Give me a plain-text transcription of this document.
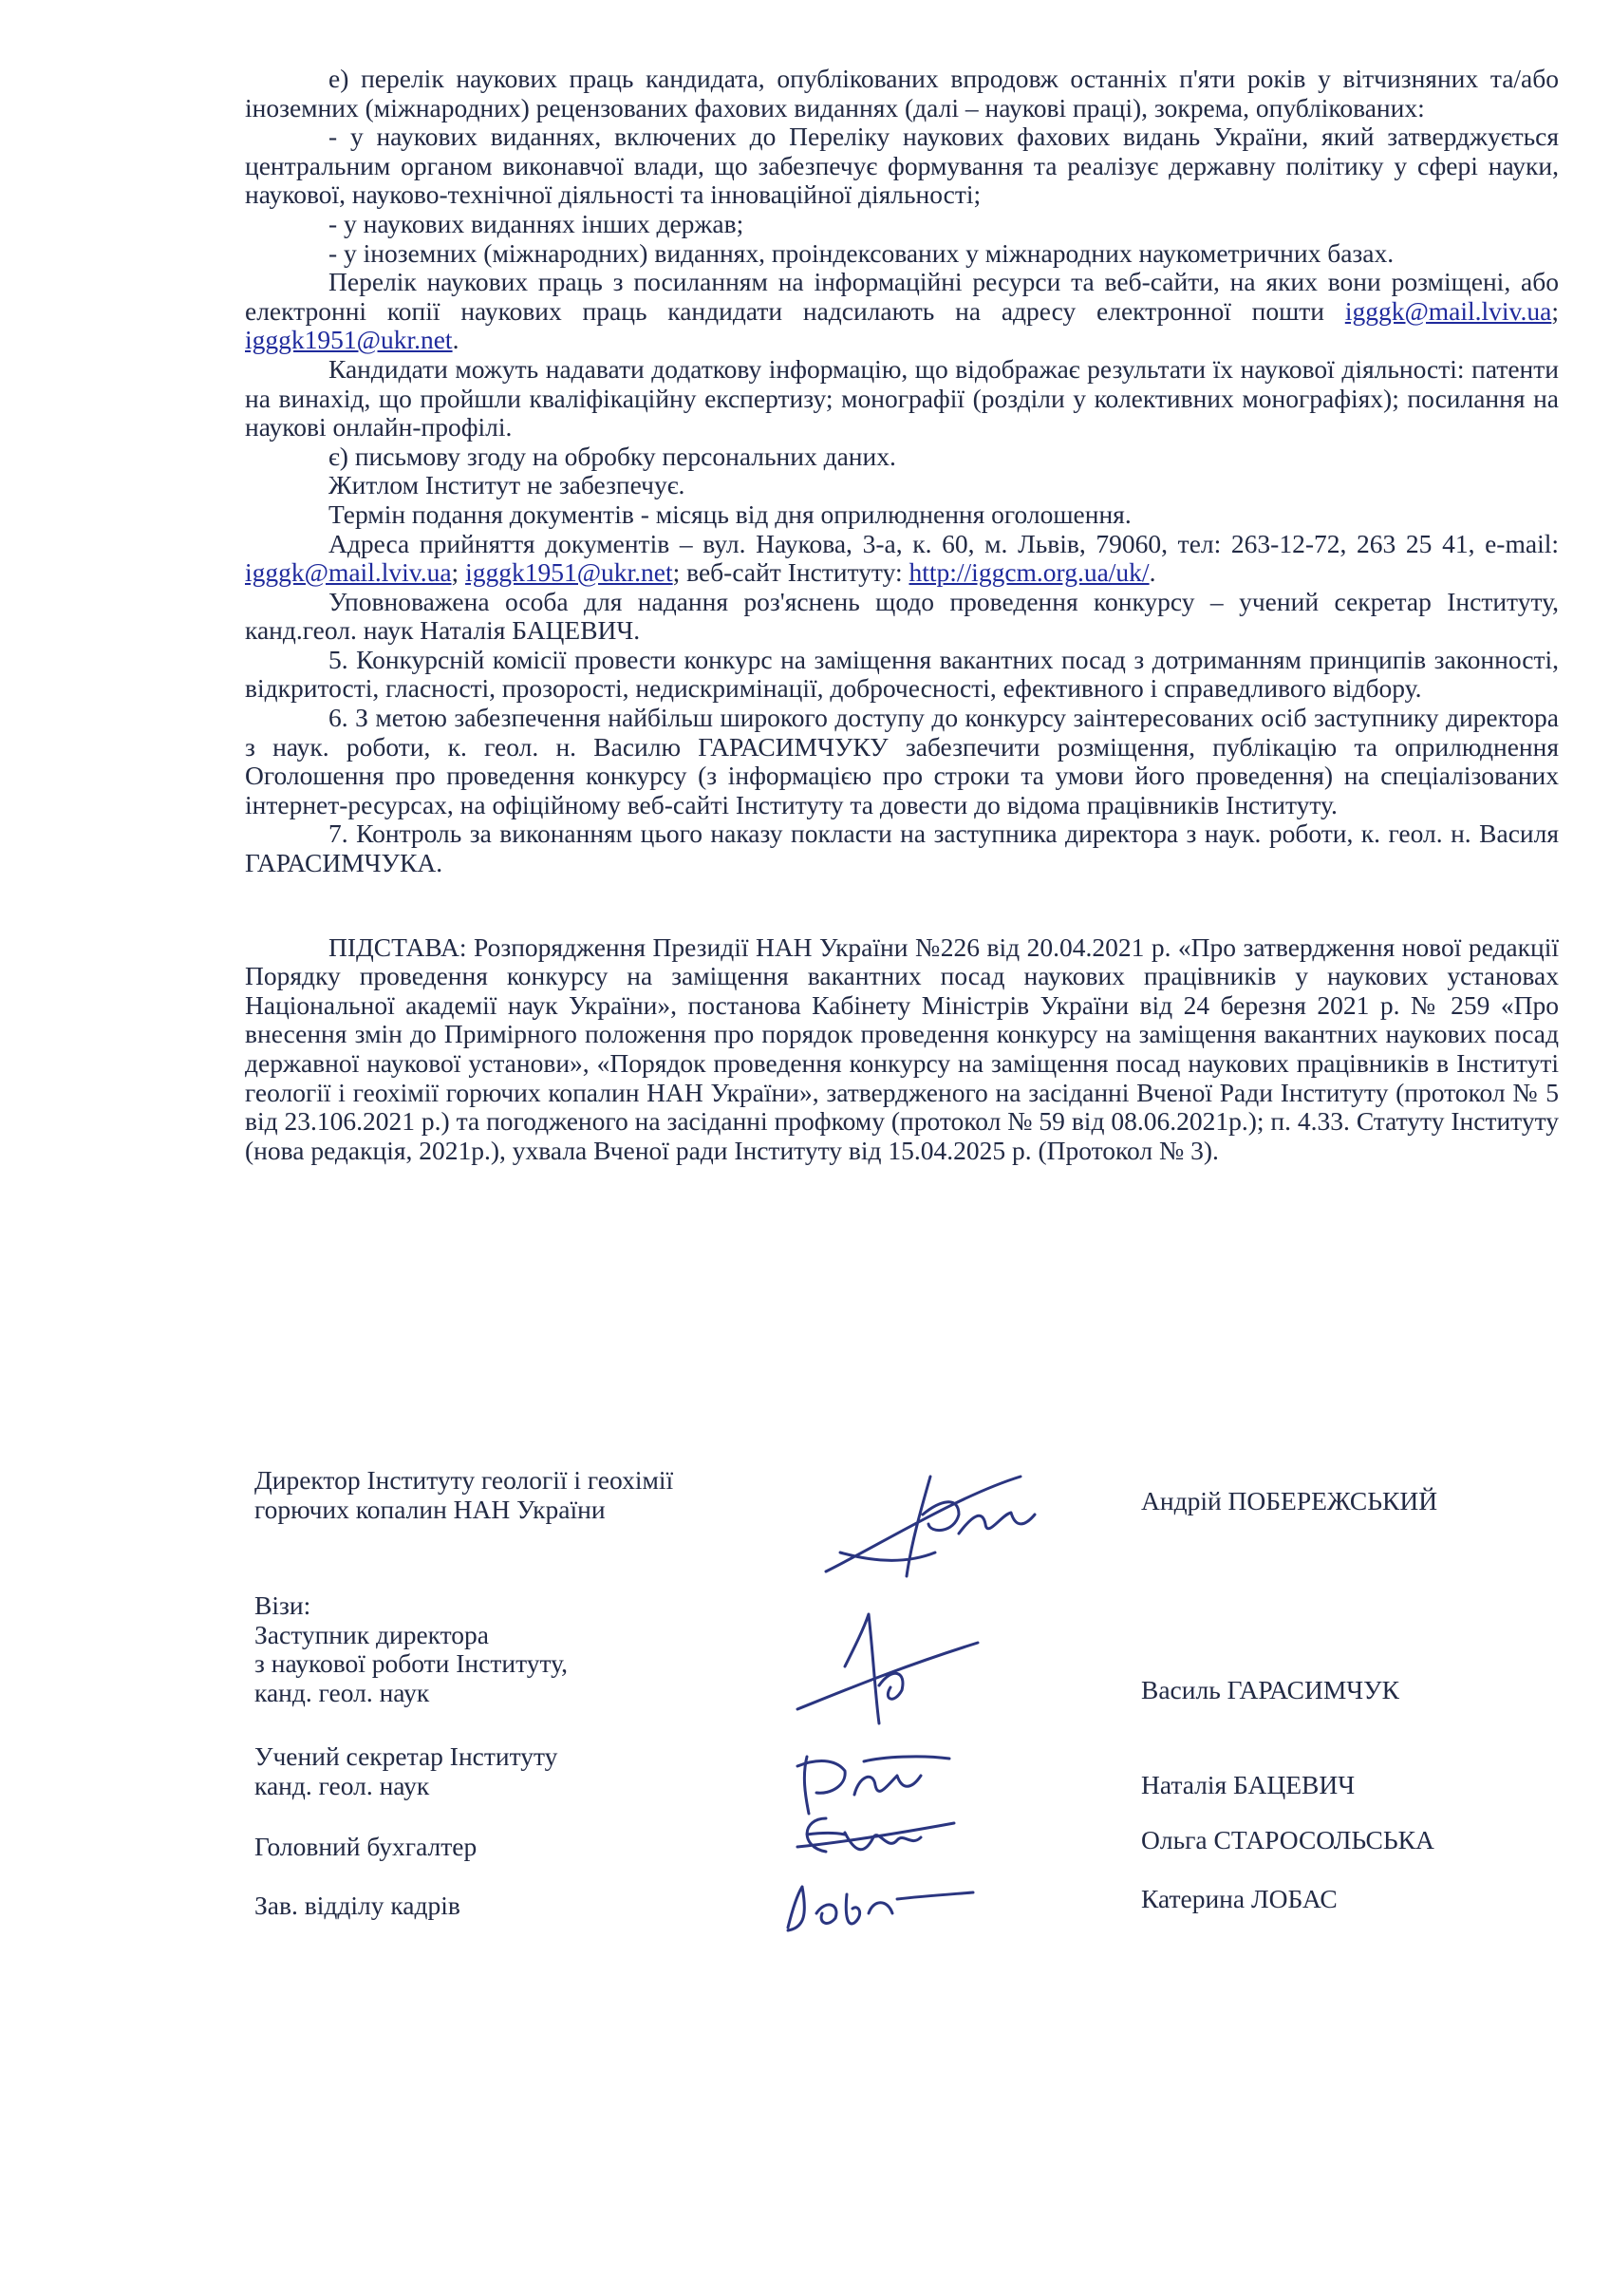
е) перелік наукових праць кандидата, опублікованих впродовж останніх п'яти років у вітчизняних та/або іноземних (міжнародних) рецензованих фахових виданнях (далі – наукові праці), зокрема, опублікованих:

- у наукових виданнях, включених до Переліку наукових фахових видань України, який затверджується центральним органом виконавчої влади, що забезпечує формування та реалізує державну політику у сфері науки, наукової, науково-технічної діяльності та інноваційної діяльності;

- у наукових виданнях інших держав;

- у іноземних (міжнародних) виданнях, проіндексованих у міжнародних наукометричних базах.

Перелік наукових праць з посиланням на інформаційні ресурси та веб-сайти, на яких вони розміщені, або електронні копії наукових праць кандидати надсилають на адресу електронної пошти igggk@mail.lviv.ua; igggk1951@ukr.net.

Кандидати можуть надавати додаткову інформацію, що відображає результати їх наукової діяльності: патенти на винахід, що пройшли кваліфікаційну експертизу; монографії (розділи у колективних монографіях); посилання на наукові онлайн-профілі.

є) письмову згоду на обробку персональних даних.

Житлом Інститут не забезпечує.

Термін подання документів - місяць від дня оприлюднення оголошення.

Адреса прийняття документів – вул. Наукова, 3-а, к. 60, м. Львів, 79060, тел: 263-12-72, 263 25 41, e-mail: igggk@mail.lviv.ua; igggk1951@ukr.net; веб-сайт Інституту: http://iggcm.org.ua/uk/.

Уповноважена особа для надання роз'яснень щодо проведення конкурсу – учений секретар Інституту, канд.геол. наук Наталія БАЦЕВИЧ.

5. Конкурсній комісії провести конкурс на заміщення вакантних посад з дотриманням принципів законності, відкритості, гласності, прозорості, недискримінації, доброчесності, ефективного і справедливого відбору.

6. З метою забезпечення найбільш широкого доступу до конкурсу заінтересованих осіб заступнику директора з наук. роботи, к. геол. н. Василю ГАРАСИМЧУКУ забезпечити розміщення, публікацію та оприлюднення Оголошення про проведення конкурсу (з інформацією про строки та умови його проведення) на спеціалізованих інтернет-ресурсах, на офіційному веб-сайті Інституту та довести до відома працівників Інституту.

7. Контроль за виконанням цього наказу покласти на заступника директора з наук. роботи, к. геол. н. Василя ГАРАСИМЧУКА.

ПІДСТАВА: Розпорядження Президії НАН України №226 від 20.04.2021 р. «Про затвердження нової редакції Порядку проведення конкурсу на заміщення вакантних посад наукових працівників у наукових установах Національної академії наук України», постанова Кабінету Міністрів України від 24 березня 2021 р. № 259 «Про внесення змін до Примірного положення про порядок проведення конкурсу на заміщення вакантних наукових посад державної наукової установи», «Порядок проведення конкурсу на заміщення посад наукових працівників в Інституті геології і геохімії горючих копалин НАН України», затвердженого на засіданні Вченої Ради Інституту (протокол № 5 від 23.106.2021 р.) та погодженого на засіданні профкому (протокол № 59 від 08.06.2021р.); п. 4.33. Статуту Інституту (нова редакція, 2021р.), ухвала Вченої ради Інституту від 15.04.2025 р. (Протокол № 3).

Директор Інституту геології і геохімії
горючих копалин НАН України	Андрій ПОБЕРЕЖСЬКИЙ
Візи:
Заступник директора
з наукової роботи Інституту,
канд. геол. наук	Василь ГАРАСИМЧУК
Учений секретар Інституту
канд. геол. наук	Наталія БАЦЕВИЧ
Головний бухгалтер	Ольга СТАРОСОЛЬСЬКА
Зав. відділу кадрів	Катерина ЛОБАС
